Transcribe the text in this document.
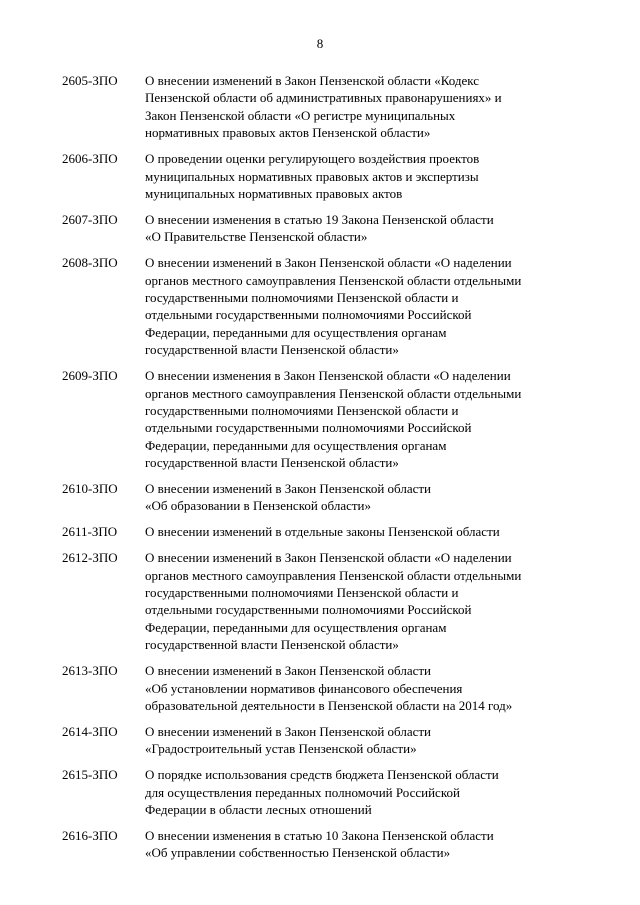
8
2605-ЗПО	О внесении изменений в Закон Пензенской области «Кодекс
Пензенской области об административных правонарушениях» и
Закон Пензенской области «О регистре муниципальных
нормативных правовых актов Пензенской области»
2606-ЗПО	О проведении оценки регулирующего воздействия проектов
муниципальных нормативных правовых актов и экспертизы
муниципальных нормативных правовых актов
2607-ЗПО	О внесении изменения в статью 19 Закона Пензенской области
«О Правительстве Пензенской области»
2608-ЗПО	О внесении изменений в Закон Пензенской области «О наделении
органов местного самоуправления Пензенской области отдельными
государственными полномочиями Пензенской области и
отдельными государственными полномочиями Российской
Федерации, переданными для осуществления органам
государственной власти Пензенской области»
2609-ЗПО	О внесении изменения в Закон Пензенской области «О наделении
органов местного самоуправления Пензенской области отдельными
государственными полномочиями Пензенской области и
отдельными государственными полномочиями Российской
Федерации, переданными для осуществления органам
государственной власти Пензенской области»
2610-ЗПО	О внесении изменений в Закон Пензенской области
«Об образовании в Пензенской области»
2611-ЗПО	О внесении изменений в отдельные законы Пензенской области
2612-ЗПО	О внесении изменений в Закон Пензенской области «О наделении
органов местного самоуправления Пензенской области отдельными
государственными полномочиями Пензенской области и
отдельными государственными полномочиями Российской
Федерации, переданными для осуществления органам
государственной власти Пензенской области»
2613-ЗПО	О внесении изменений в Закон Пензенской области
«Об установлении нормативов финансового обеспечения
образовательной деятельности в Пензенской области на 2014 год»
2614-ЗПО	О внесении изменений в Закон Пензенской области
«Градостроительный устав Пензенской области»
2615-ЗПО	О порядке использования средств бюджета Пензенской области
для осуществления переданных полномочий Российской
Федерации в области лесных отношений
2616-ЗПО	О внесении изменения в статью 10 Закона Пензенской области
«Об управлении собственностью Пензенской области»
